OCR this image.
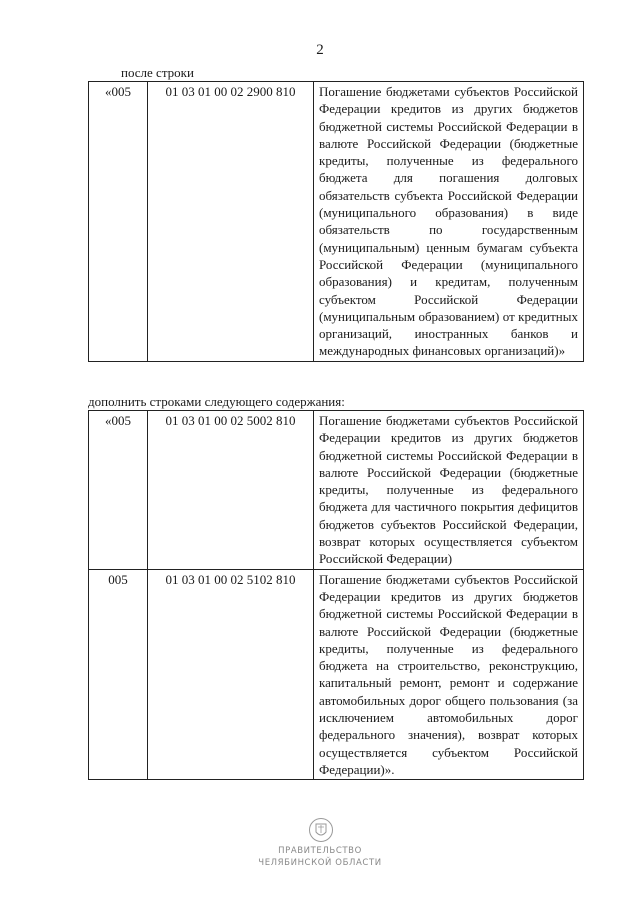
2
после строки
«005	01 03 01 00 02 2900 810	Погашение бюджетами субъектов Российской Федерации кредитов из других бюджетов бюджетной системы Российской Федерации в валюте Российской Федерации (бюджетные кредиты, полученные из федерального бюджета для погашения долговых обязательств субъекта Российской Федерации (муниципального образования) в виде обязательств по государственным (муниципальным) ценным бумагам субъекта Российской Федерации (муниципального образования) и кредитам, полученным субъектом Российской Федерации (муниципальным образованием) от кредитных организаций, иностранных банков и международных финансовых организаций)»
дополнить строками следующего содержания:
«005	01 03 01 00 02 5002 810	Погашение бюджетами субъектов Российской Федерации кредитов из других бюджетов бюджетной системы Российской Федерации в валюте Российской Федерации (бюджетные кредиты, полученные из федерального бюджета для частичного покрытия дефицитов бюджетов субъектов Российской Федерации, возврат которых осуществляется субъектом Российской Федерации)
005	01 03 01 00 02 5102 810	Погашение бюджетами субъектов Российской Федерации кредитов из других бюджетов бюджетной системы Российской Федерации в валюте Российской Федерации (бюджетные кредиты, полученные из федерального бюджета на строительство, реконструкцию, капитальный ремонт, ремонт и содержание автомобильных дорог общего пользования (за исключением автомобильных дорог федерального значения), возврат которых осуществляется субъектом Российской Федерации)».
ПРАВИТЕЛЬСТВО
ЧЕЛЯБИНСКОЙ ОБЛАСТИ
